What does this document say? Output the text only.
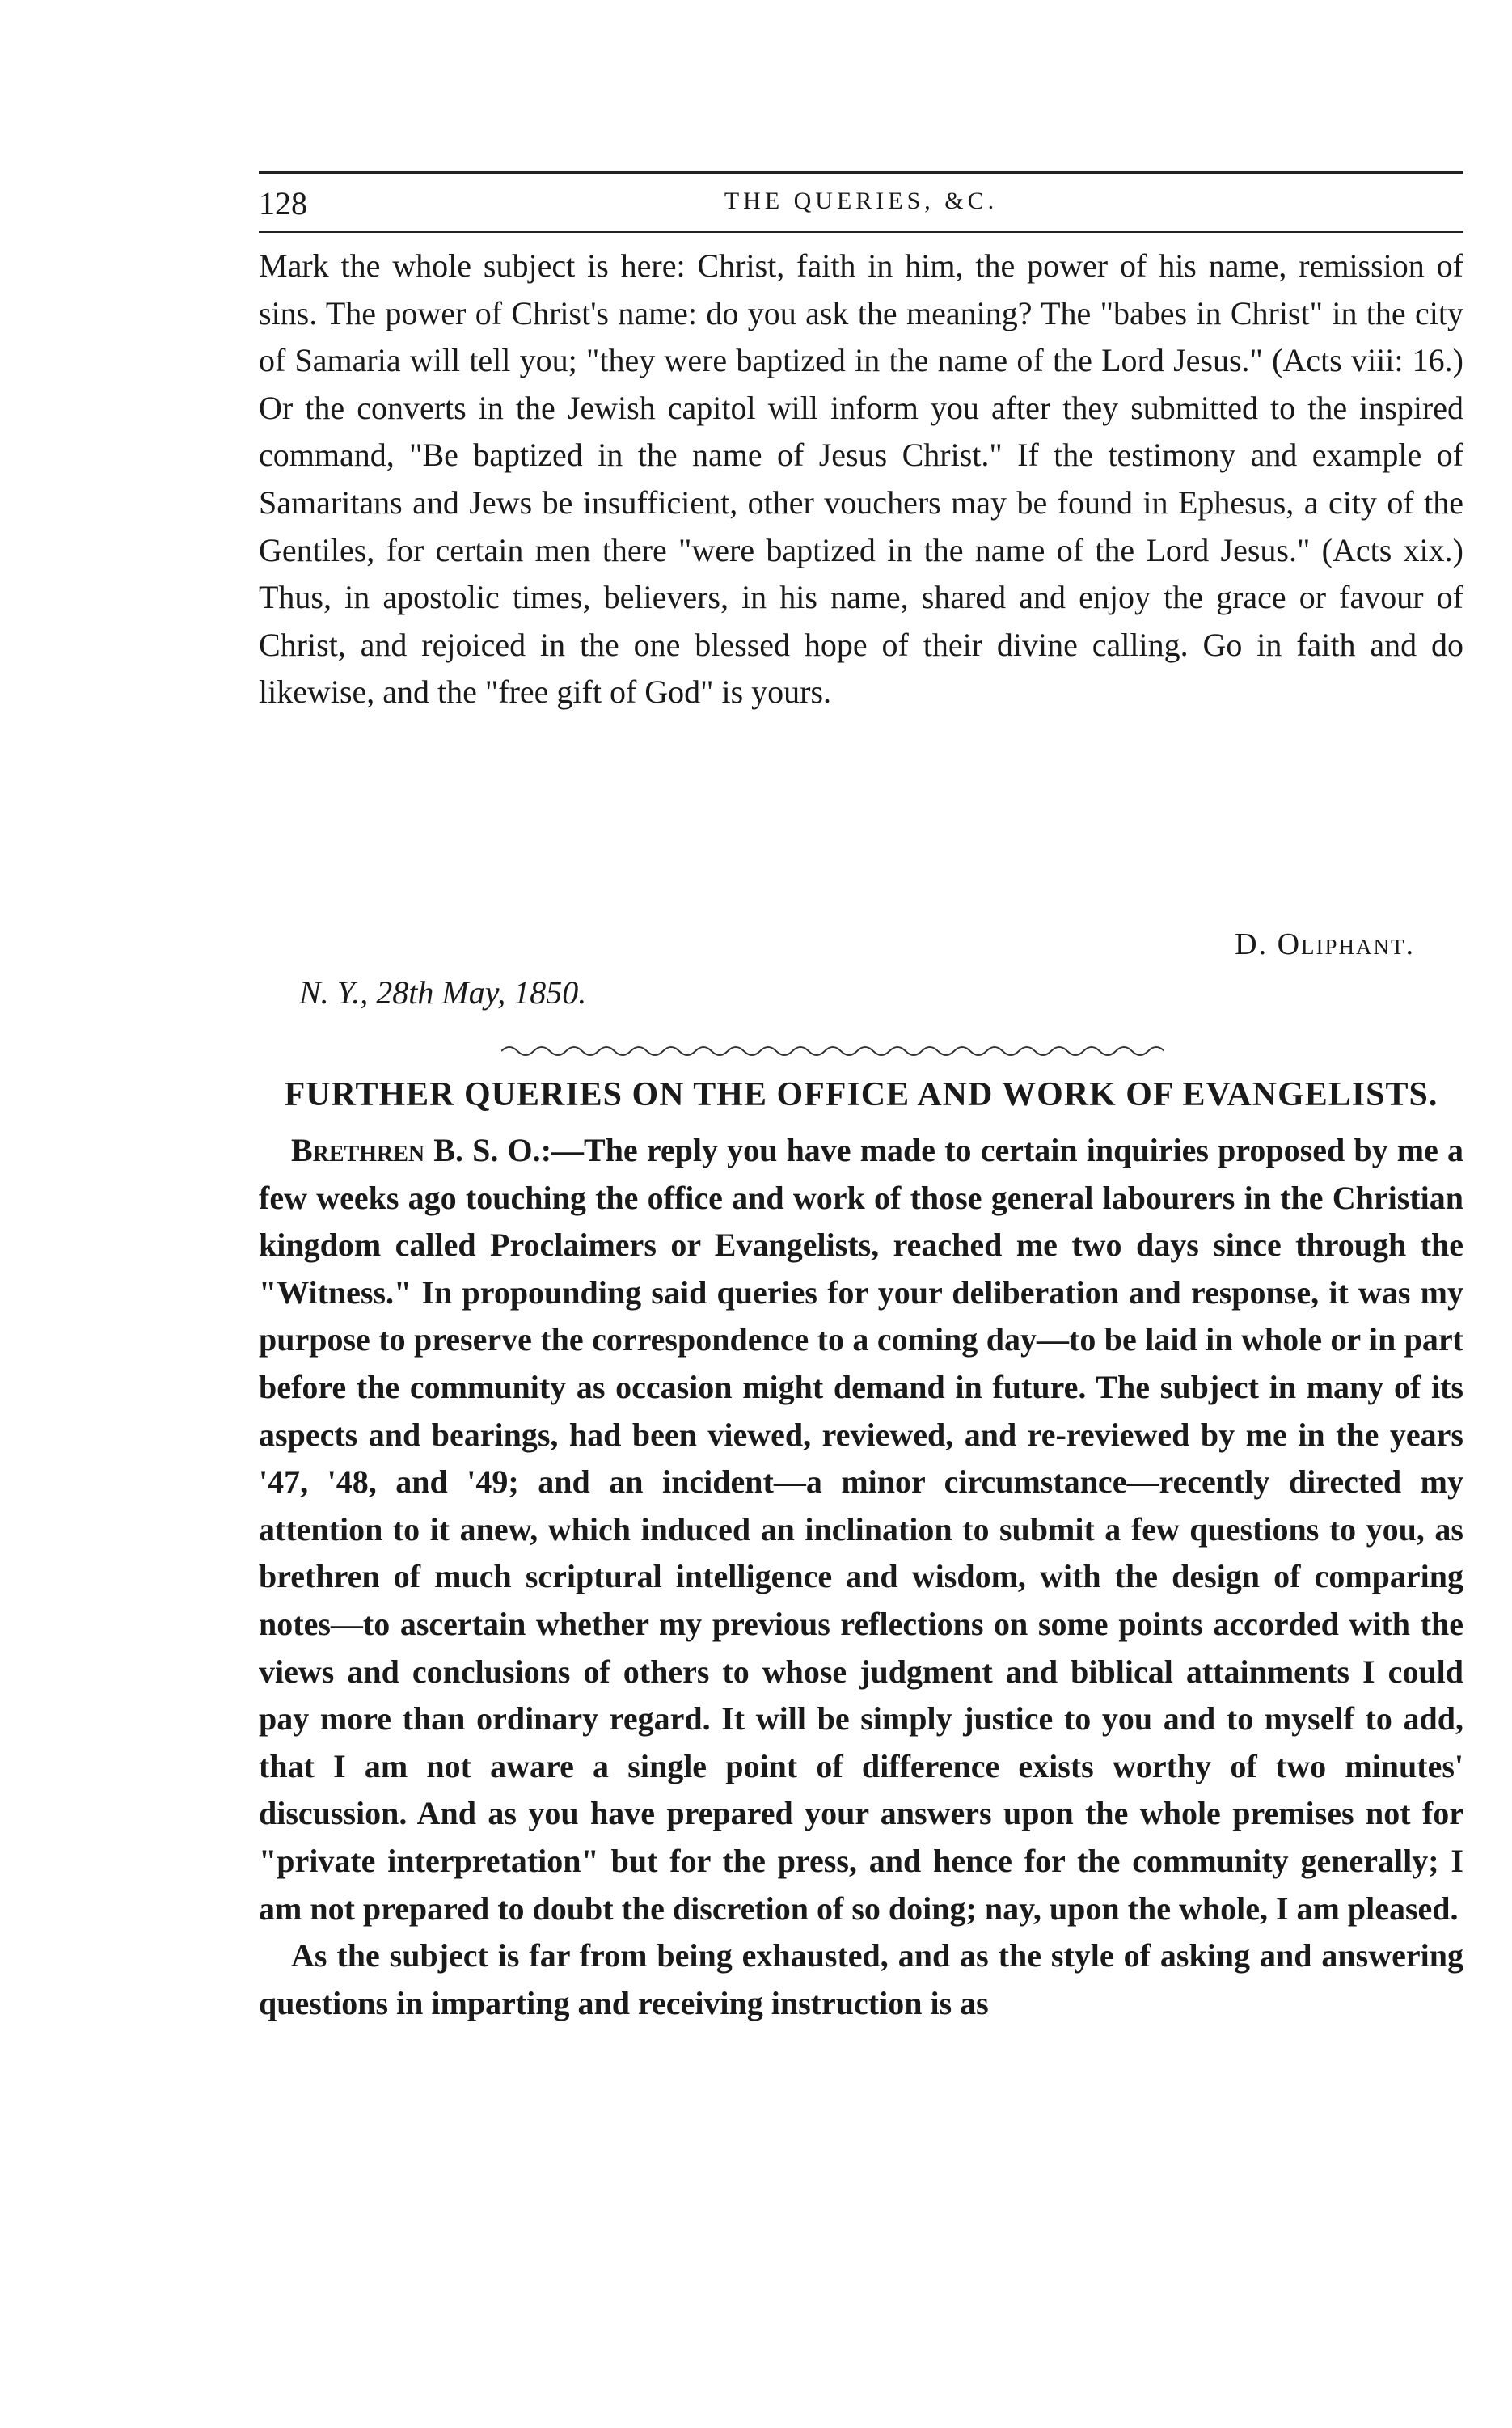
128	THE QUERIES, &C.

Mark the whole subject is here: Christ, faith in him, the power of his name, remission of sins. The power of Christ's name: do you ask the meaning? The "babes in Christ" in the city of Samaria will tell you; "they were baptized in the name of the Lord Jesus." (Acts viii: 16.) Or the converts in the Jewish capitol will inform you after they submitted to the inspired command, "Be baptized in the name of Jesus Christ." If the testimony and example of Samaritans and Jews be insufficient, other vouchers may be found in Ephesus, a city of the Gentiles, for certain men there "were baptized in the name of the Lord Jesus." (Acts xix.) Thus, in apostolic times, believers, in his name, shared and enjoy the grace or favour of Christ, and rejoiced in the one blessed hope of their divine calling. Go in faith and do likewise, and the "free gift of God" is yours.

D. Oliphant.
N. Y., 28th May, 1850.
FURTHER QUERIES ON THE OFFICE AND WORK OF EVANGELISTS.

Brethren B. S. O.:—The reply you have made to certain inquiries proposed by me a few weeks ago touching the office and work of those general labourers in the Christian kingdom called Proclaimers or Evangelists, reached me two days since through the "Witness." In propounding said queries for your deliberation and response, it was my purpose to preserve the correspondence to a coming day—to be laid in whole or in part before the community as occasion might demand in future. The subject in many of its aspects and bearings, had been viewed, reviewed, and re-reviewed by me in the years '47, '48, and '49; and an incident—a minor circumstance—recently directed my attention to it anew, which induced an inclination to submit a few questions to you, as brethren of much scriptural intelligence and wisdom, with the design of comparing notes—to ascertain whether my previous reflections on some points accorded with the views and conclusions of others to whose judgment and biblical attainments I could pay more than ordinary regard. It will be simply justice to you and to myself to add, that I am not aware a single point of difference exists worthy of two minutes' discussion. And as you have prepared your answers upon the whole premises not for "private interpretation" but for the press, and hence for the community generally; I am not prepared to doubt the discretion of so doing; nay, upon the whole, I am pleased.

As the subject is far from being exhausted, and as the style of asking and answering questions in imparting and receiving instruction is as
